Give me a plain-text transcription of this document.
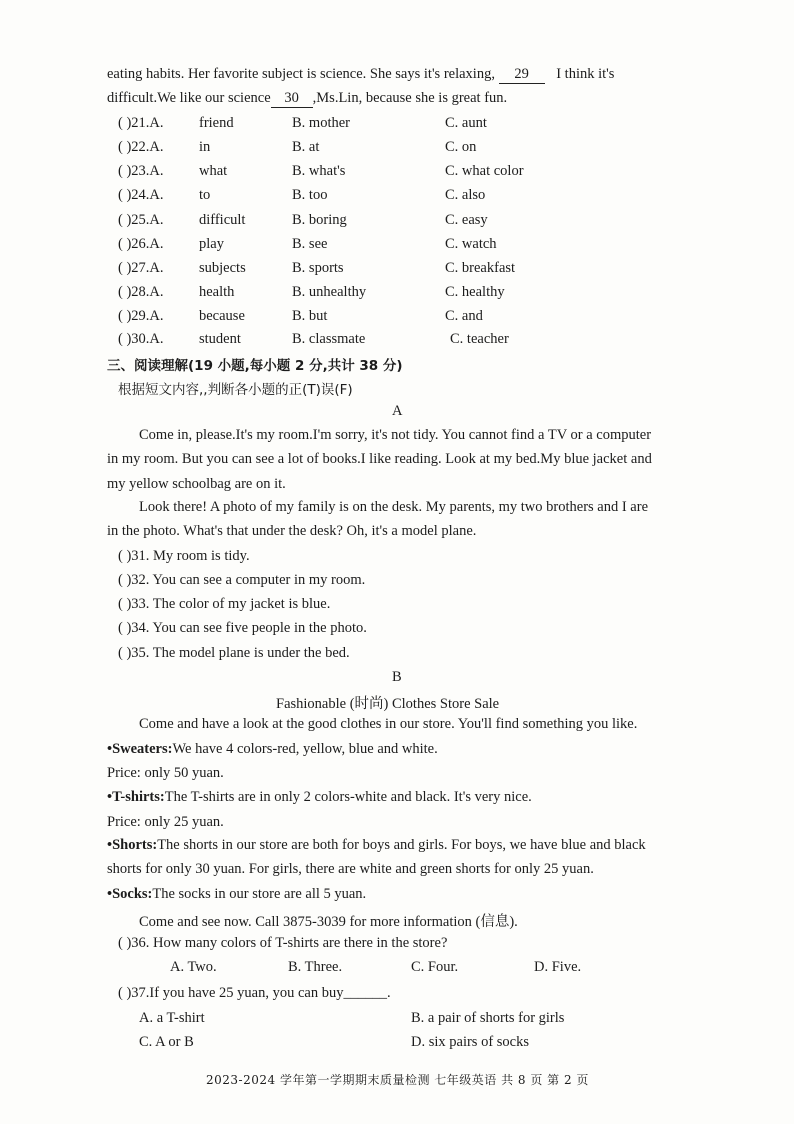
eating habits. Her favorite subject is science. She says it's relaxing, 29 I think it's
difficult.We like our science 30 ,Ms.Lin, because she is great fun.
( )21.A. friend	B. mother	C. aunt
( )22.A. in	B. at	C. on
( )23.A. what	B. what's	C. what color
( )24.A. to	B. too	C. also
( )25.A. difficult	B. boring	C. easy
( )26.A. play	B. see	C. watch
( )27.A. subjects	B. sports	C. breakfast
( )28.A. health	B. unhealthy	C. healthy
( )29.A. because	B. but	C. and
( )30.A. student	B. classmate	C. teacher
三、阅读理解(19 小题,每小题 2 分,共计 38 分)
根据短文内容,,判断各小题的正(T)误(F)
A
Come in, please.It's my room.I'm sorry, it's not tidy. You cannot find a TV or a computer
in my room. But you can see a lot of books.I like reading. Look at my bed.My blue jacket and
my yellow schoolbag are on it.
Look there! A photo of my family is on the desk. My parents, my two brothers and I are
in the photo. What's that under the desk? Oh, it's a model plane.
( )31. My room is tidy.
( )32. You can see a computer in my room.
( )33. The color of my jacket is blue.
( )34. You can see five people in the photo.
( )35. The model plane is under the bed.
B
Fashionable (时尚) Clothes Store Sale
Come and have a look at the good clothes in our store. You'll find something you like.
•Sweaters:We have 4 colors-red, yellow, blue and white.
Price: only 50 yuan.
•T-shirts:The T-shirts are in only 2 colors-white and black. It's very nice.
Price: only 25 yuan.
•Shorts:The shorts in our store are both for boys and girls. For boys, we have blue and black
shorts for only 30 yuan. For girls, there are white and green shorts for only 25 yuan.
•Socks:The socks in our store are all 5 yuan.
Come and see now. Call 3875-3039 for more information (信息).
( )36. How many colors of T-shirts are there in the store?
A. Two.	B. Three.	C. Four.	D. Five.
( )37.If you have 25 yuan, you can buy______.
A. a T-shirt	B. a pair of shorts for girls
C. A or B	D. six pairs of socks
2023-2024 学年第一学期期末质量检测 七年级英语 共 8 页 第 2 页
